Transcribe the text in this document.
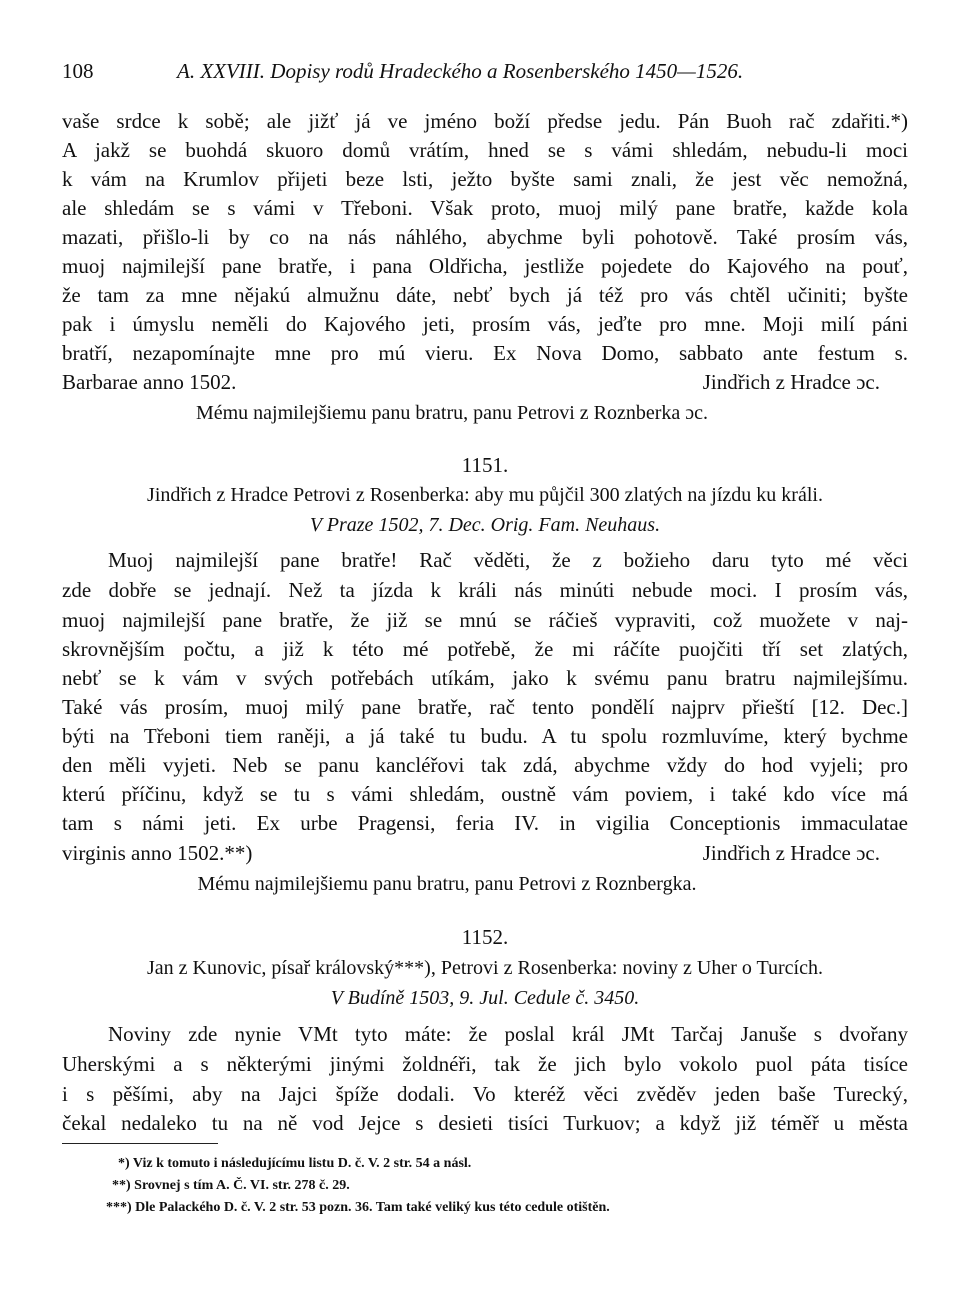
108	A. XXVIII. Dopisy rodů Hradeckého a Rosenberského 1450—1526.
vaše srdce k sobě; ale jižť já ve jméno boží předse jedu. Pán Buoh rač zdařiti.*)
A jakž se buohdá skuoro domů vrátím, hned se s vámi shledám, nebudu-li moci
k vám na Krumlov přijeti beze lsti, ježto byšte sami znali, že jest věc nemožná,
ale shledám se s vámi v Třeboni. Však proto, muoj milý pane bratře, každe kola
mazati, přišlo-li by co na nás náhlého, abychme byli pohotově. Také prosím vás,
muoj najmilejší pane bratře, i pana Oldřicha, jestliže pojedete do Kajového na pouť,
že tam za mne nějakú almužnu dáte, nebť bych já též pro vás chtěl učiniti; byšte
pak i úmyslu neměli do Kajového jeti, prosím vás, jeďte pro mne. Moji milí páni
bratří, nezapomínajte mne pro mú vieru. Ex Nova Domo, sabbato ante festum s.
Barbarae anno 1502.	Jindřich z Hradce ɔc.
Mému najmilejšiemu panu bratru, panu Petrovi z Roznberka ɔc.
1151.
Jindřich z Hradce Petrovi z Rosenberka: aby mu půjčil 300 zlatých na jízdu ku králi.
V Praze 1502, 7. Dec. Orig. Fam. Neuhaus.
Muoj najmilejší pane bratře! Rač věděti, že z božieho daru tyto mé věci
zde dobře se jednají. Než ta jízda k králi nás minúti nebude moci. I prosím vás,
muoj najmilejší pane bratře, že již se mnú se ráčieš vypraviti, což muožete v naj-
skrovnějším počtu, a již k této mé potřebě, že mi ráčíte puojčiti tří set zlatých,
nebť se k vám v svých potřebách utíkám, jako k svému panu bratru najmilejšímu.
Také vás prosím, muoj milý pane bratře, rač tento pondělí najprv přieští [12. Dec.]
býti na Třeboni tiem raněji, a já také tu budu. A tu spolu rozmluvíme, který bychme
den měli vyjeti. Neb se panu kancléřovi tak zdá, abychme vždy do hod vyjeli; pro
kterú příčinu, když se tu s vámi shledám, oustně vám poviem, i také kdo více má
tam s námi jeti. Ex urbe Pragensi, feria IV. in vigilia Conceptionis immaculatae
virginis anno 1502.**)	Jindřich z Hradce ɔc.
Mému najmilejšiemu panu bratru, panu Petrovi z Roznbergka.
1152.
Jan z Kunovic, písař královský***), Petrovi z Rosenberka: noviny z Uher o Turcích.
V Budíně 1503, 9. Jul. Cedule č. 3450.
Noviny zde nynie VMt tyto máte: že poslal král JMt Tarčaj Januše s dvořany
Uherskými a s některými jinými žoldnéři, tak že jich bylo vokolo puol páta tisíce
i s pěšími, aby na Jajci špíže dodali. Vo kteréž věci zvěděv jeden baše Turecký,
čekal nedaleko tu na ně vod Jejce s desieti tisíci Turkuov; a když již téměř u města
*) Viz k tomuto i následujícímu listu D. č. V. 2 str. 54 a násl.
**) Srovnej s tím A. Č. VI. str. 278 č. 29.
***) Dle Palackého D. č. V. 2 str. 53 pozn. 36. Tam také veliký kus této cedule otištěn.
